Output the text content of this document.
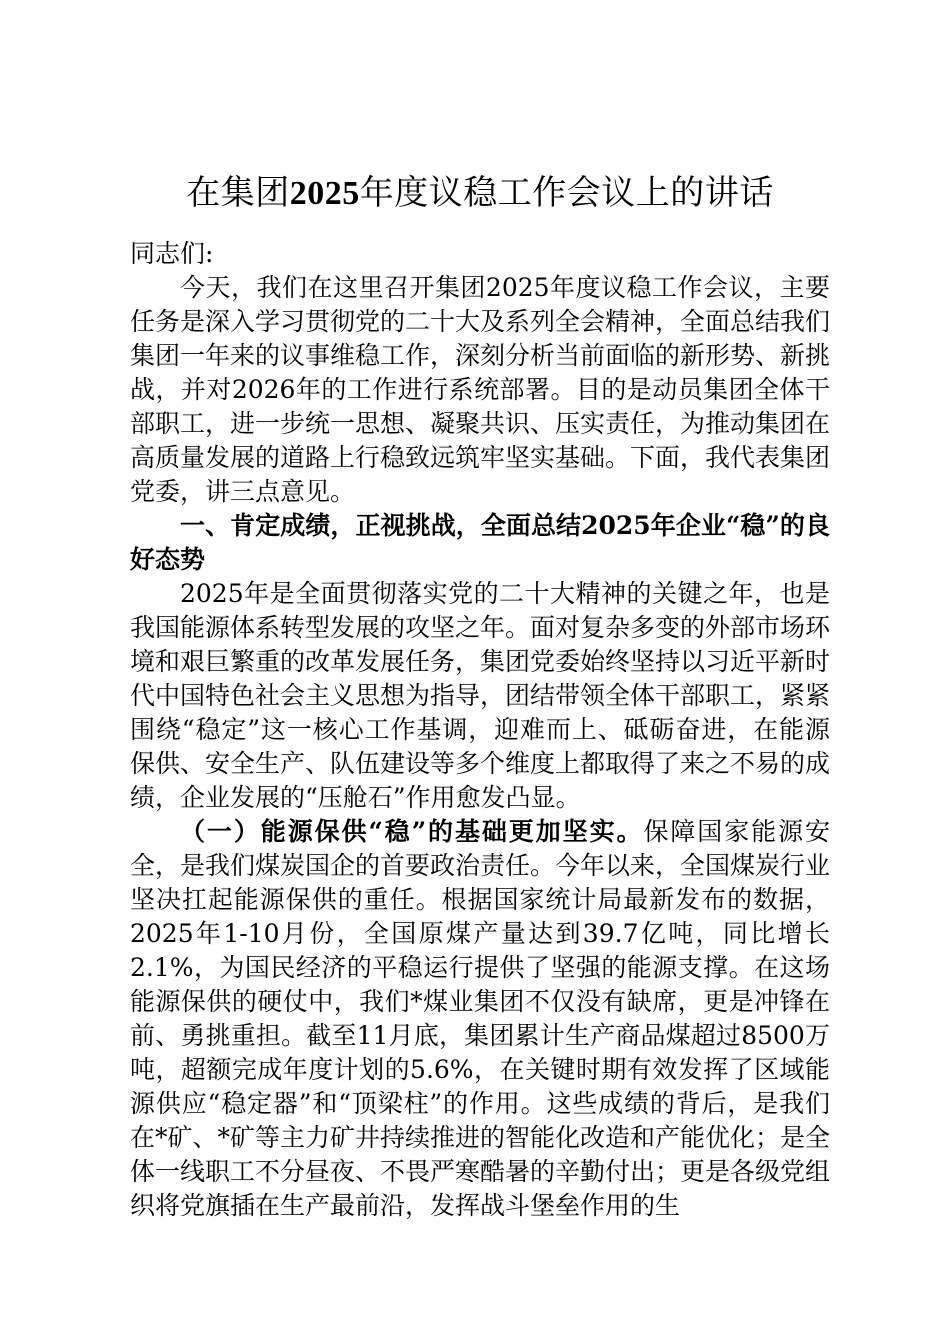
在集团2025年度议稳工作会议上的讲话
同志们:

今天，我们在这里召开集团2025年度议稳工作会议，主要任务是深入学习贯彻党的二十大及系列全会精神，全面总结我们集团一年来的议事维稳工作，深刻分析当前面临的新形势、新挑战，并对2026年的工作进行系统部署。目的是动员集团全体干部职工，进一步统一思想、凝聚共识、压实责任，为推动集团在高质量发展的道路上行稳致远筑牢坚实基础。下面，我代表集团党委，讲三点意见。

一、肯定成绩，正视挑战，全面总结2025年企业“稳”的良好态势

2025年是全面贯彻落实党的二十大精神的关键之年，也是我国能源体系转型发展的攻坚之年。面对复杂多变的外部市场环境和艰巨繁重的改革发展任务，集团党委始终坚持以习近平新时代中国特色社会主义思想为指导，团结带领全体干部职工，紧紧围绕“稳定”这一核心工作基调，迎难而上、砥砺奋进，在能源保供、安全生产、队伍建设等多个维度上都取得了来之不易的成绩，企业发展的“压舱石”作用愈发凸显。

（一）能源保供“稳”的基础更加坚实。保障国家能源安全，是我们煤炭国企的首要政治责任。今年以来，全国煤炭行业坚决扛起能源保供的重任。根据国家统计局最新发布的数据，2025年1-10月份，全国原煤产量达到39.7亿吨，同比增长2.1%，为国民经济的平稳运行提供了坚强的能源支撑。在这场能源保供的硬仗中，我们*煤业集团不仅没有缺席，更是冲锋在前、勇挑重担。截至11月底，集团累计生产商品煤超过8500万吨，超额完成年度计划的5.6%，在关键时期有效发挥了区域能源供应“稳定器”和“顶梁柱”的作用。这些成绩的背后，是我们在*矿、*矿等主力矿井持续推进的智能化改造和产能优化；是全体一线职工不分昼夜、不畏严寒酷暑的辛勤付出；更是各级党组织将党旗插在生产最前沿，发挥战斗堡垒作用的生
